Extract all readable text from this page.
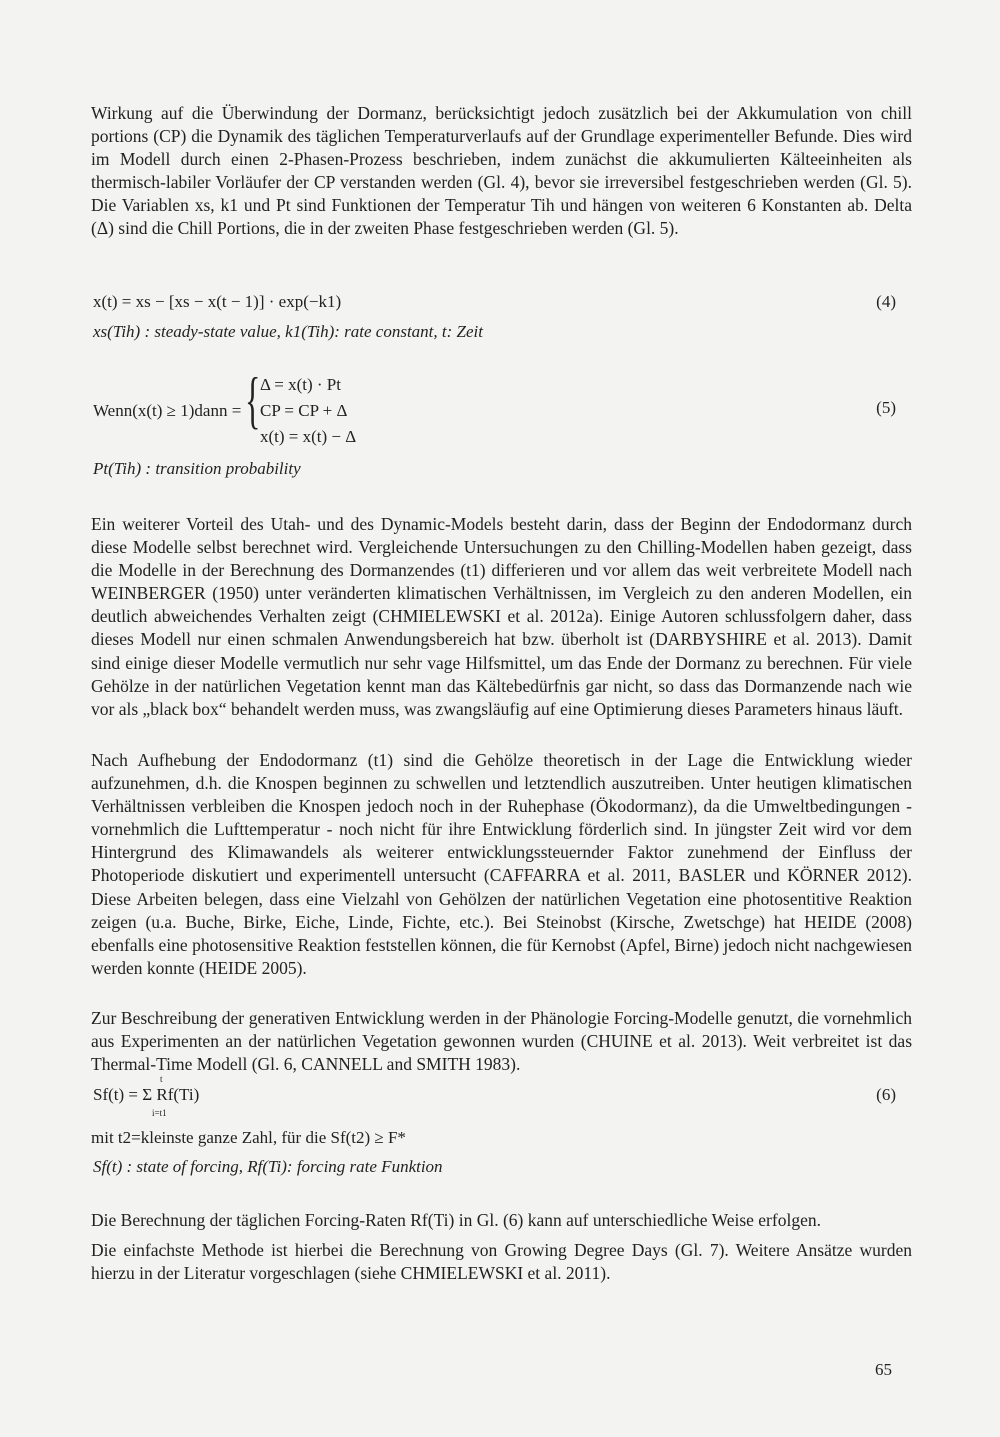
Wirkung auf die Überwindung der Dormanz, berücksichtigt jedoch zusätzlich bei der Akkumulation von chill portions (CP) die Dynamik des täglichen Temperaturverlaufs auf der Grundlage experimenteller Befunde. Dies wird im Modell durch einen 2-Phasen-Prozess beschrieben, indem zunächst die akkumulierten Kälteeinheiten als thermisch-labiler Vorläufer der CP verstanden werden (Gl. 4), bevor sie irreversibel festgeschrieben werden (Gl. 5). Die Variablen xs, k1 und Pt sind Funktionen der Temperatur Tih und hängen von weiteren 6 Konstanten ab. Delta (Δ) sind die Chill Portions, die in der zweiten Phase festgeschrieben werden (Gl. 5).

x(t) = xs − [xs − x(t − 1)] · exp(−k1)	(4)
xs(Tih) : steady-state value, k1(Tih): rate constant, t: Zeit
Wenn(x(t) ≥ 1)dann = { Δ = x(t) · Pt
CP = CP + Δ
x(t) = x(t) − Δ
(5)
Pt(Tih) : transition probability

Ein weiterer Vorteil des Utah- und des Dynamic-Models besteht darin, dass der Beginn der Endodormanz durch diese Modelle selbst berechnet wird. Vergleichende Untersuchungen zu den Chilling-Modellen haben gezeigt, dass die Modelle in der Berechnung des Dormanzendes (t1) differieren und vor allem das weit verbreitete Modell nach WEINBERGER (1950) unter veränderten klimatischen Verhältnissen, im Vergleich zu den anderen Modellen, ein deutlich abweichendes Verhalten zeigt (CHMIELEWSKI et al. 2012a). Einige Autoren schlussfolgern daher, dass dieses Modell nur einen schmalen Anwendungsbereich hat bzw. überholt ist (DARBYSHIRE et al. 2013). Damit sind einige dieser Modelle vermutlich nur sehr vage Hilfsmittel, um das Ende der Dormanz zu berechnen. Für viele Gehölze in der natürlichen Vegetation kennt man das Kältebedürfnis gar nicht, so dass das Dormanzende nach wie vor als „black box“ behandelt werden muss, was zwangsläufig auf eine Optimierung dieses Parameters hinaus läuft.

Nach Aufhebung der Endodormanz (t1) sind die Gehölze theoretisch in der Lage die Entwicklung wieder aufzunehmen, d.h. die Knospen beginnen zu schwellen und letztendlich auszutreiben. Unter heutigen klimatischen Verhältnissen verbleiben die Knospen jedoch noch in der Ruhephase (Ökodormanz), da die Umweltbedingungen - vornehmlich die Lufttemperatur - noch nicht für ihre Entwicklung förderlich sind. In jüngster Zeit wird vor dem Hintergrund des Klimawandels als weiterer entwicklungssteuernder Faktor zunehmend der Einfluss der Photoperiode diskutiert und experimentell untersucht (CAFFARRA et al. 2011, BASLER und KÖRNER 2012). Diese Arbeiten belegen, dass eine Vielzahl von Gehölzen der natürlichen Vegetation eine photosentitive Reaktion zeigen (u.a. Buche, Birke, Eiche, Linde, Fichte, etc.). Bei Steinobst (Kirsche, Zwetschge) hat HEIDE (2008) ebenfalls eine photosensitive Reaktion feststellen können, die für Kernobst (Apfel, Birne) jedoch nicht nachgewiesen werden konnte (HEIDE 2005).

Zur Beschreibung der generativen Entwicklung werden in der Phänologie Forcing-Modelle genutzt, die vornehmlich aus Experimenten an der natürlichen Vegetation gewonnen wurden (CHUINE et al. 2013). Weit verbreitet ist das Thermal-Time Modell (Gl. 6, CANNELL and SMITH 1983).

t
Sf(t) = Σ Rf(Ti)
i=t1
(6)
mit t2=kleinste ganze Zahl, für die Sf(t2) ≥ F*
Sf(t) : state of forcing, Rf(Ti): forcing rate Funktion

Die Berechnung der täglichen Forcing-Raten Rf(Ti) in Gl. (6) kann auf unterschiedliche Weise erfolgen.

Die einfachste Methode ist hierbei die Berechnung von Growing Degree Days (Gl. 7). Weitere Ansätze wurden hierzu in der Literatur vorgeschlagen (siehe CHMIELEWSKI et al. 2011).

65
